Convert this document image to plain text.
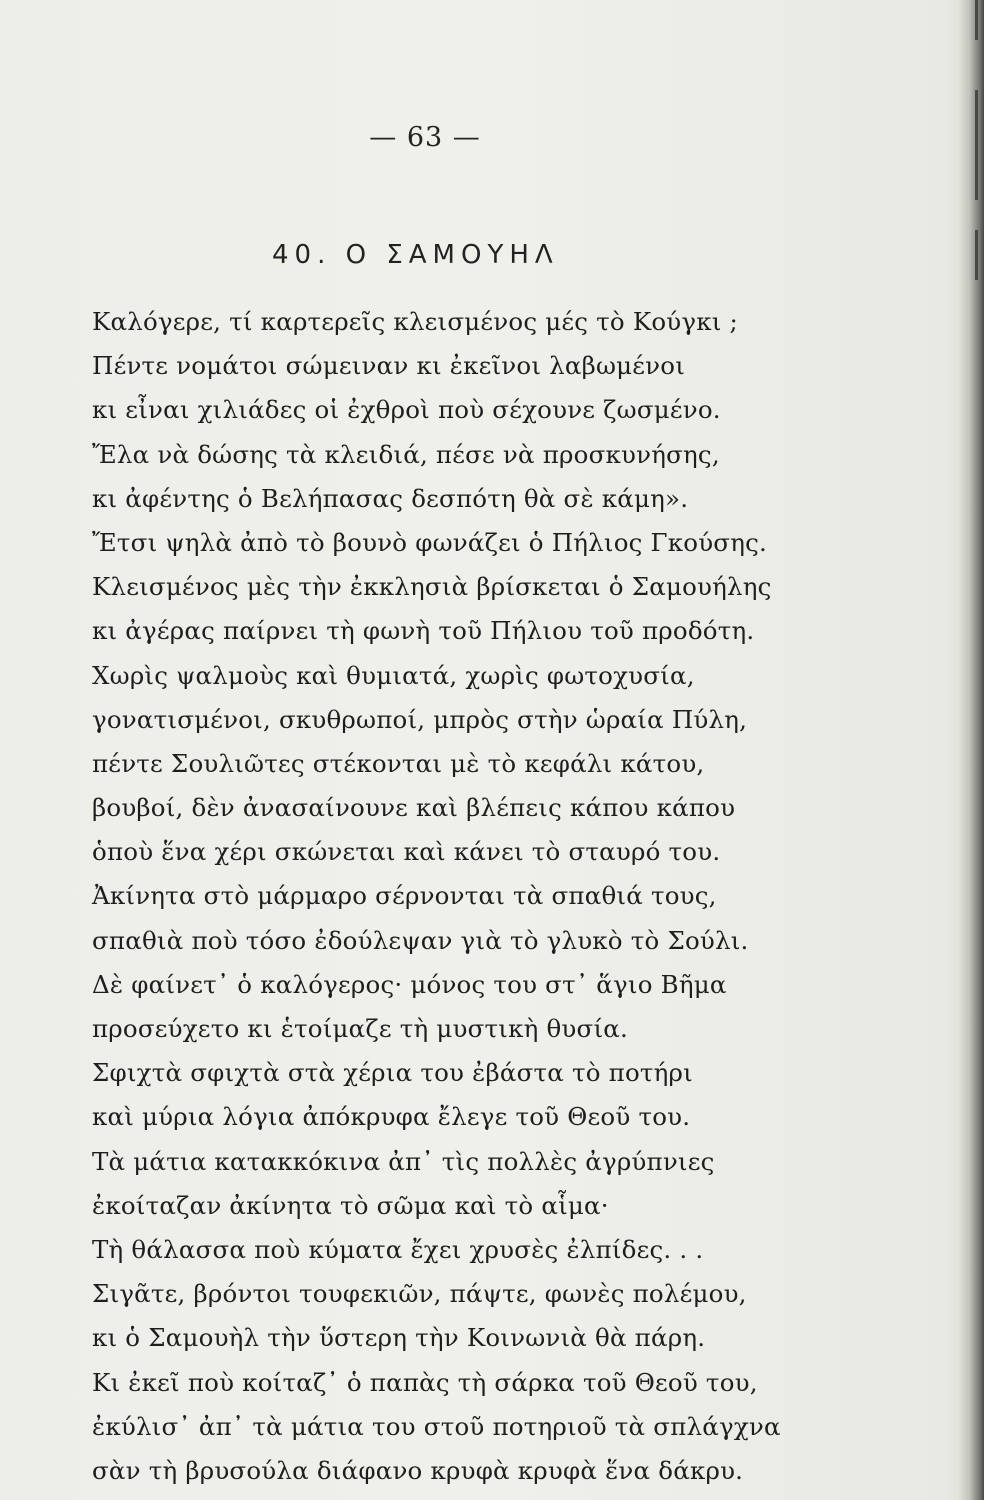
— 63 —
40. Ο ΣΑΜΟΥΗΛ
Καλόγερε, τί καρτερεῖς κλεισμένος μές τὸ Κούγκι ;
Πέντε νομάτοι σώμειναν κι ἐκεῖνοι λαβωμένοι
κι εἶναι χιλιάδες οἱ ἐχθροὶ ποὺ σέχουνε ζωσμένο.
Ἔλα νὰ δώσης τὰ κλειδιά, πέσε νὰ προσκυνήσης,
κι ἀφέντης ὁ Βελήπασας δεσπότη θὰ σὲ κάμη».
Ἔτσι ψηλὰ ἀπὸ τὸ βουνὸ φωνάζει ὁ Πήλιος Γκούσης.
Κλεισμένος μὲς τὴν ἐκκλησιὰ βρίσκεται ὁ Σαμουήλης
κι ἀγέρας παίρνει τὴ φωνὴ τοῦ Πήλιου τοῦ προδότη.
Χωρὶς ψαλμοὺς καὶ θυμιατά, χωρὶς φωτοχυσία,
γονατισμένοι, σκυθρωποί, μπρὸς στὴν ὡραία Πύλη,
πέντε Σουλιῶτες στέκονται μὲ τὸ κεφάλι κάτου,
βουβοί, δὲν ἀνασαίνουνε καὶ βλέπεις κάπου κάπου
ὁπoὺ ἕνα χέρι σκώνεται καὶ κάνει τὸ σταυρό του.
Ἀκίνητα στὸ μάρμαρο σέρνονται τὰ σπαθιά τους,
σπαθιὰ ποὺ τόσο ἐδούλεψαν γιὰ τὸ γλυκὸ τὸ Σούλι.
Δὲ φαίνετ᾽ ὁ καλόγερος· μόνος του στ᾽ ἅγιο Βῆμα
προσεύχετο κι ἑτοίμαζε τὴ μυστικὴ θυσία.
Σφιχτὰ σφιχτὰ στὰ χέρια του ἐβάστα τὸ ποτήρι
καὶ μύρια λόγια ἀπόκρυφα ἔλεγε τοῦ Θεοῦ του.
Τὰ μάτια κατακκόκινα ἀπ᾽ τὶς πολλὲς ἀγρύπνιες
ἐκοίταζαν ἀκίνητα τὸ σῶμα καὶ τὸ αἷμα·
Τὴ θάλασσα ποὺ κύματα ἔχει χρυσὲς ἐλπίδες. . .
Σιγᾶτε, βρόντοι τουφεκιῶν, πάψτε, φωνὲς πολέμου,
κι ὁ Σαμουὴλ τὴν ὕστερη τὴν Κοινωνιὰ θὰ πάρη.
Κι ἐκεῖ ποὺ κοίταζ᾽ ὁ παπὰς τὴ σάρκα τοῦ Θεοῦ του,
ἐκύλισ᾽ ἀπ᾽ τὰ μάτια του στοῦ ποτηριοῦ τὰ σπλάγχνα
σὰν τὴ βρυσούλα διάφανο κρυφὰ κρυφὰ ἕνα δάκρυ.
